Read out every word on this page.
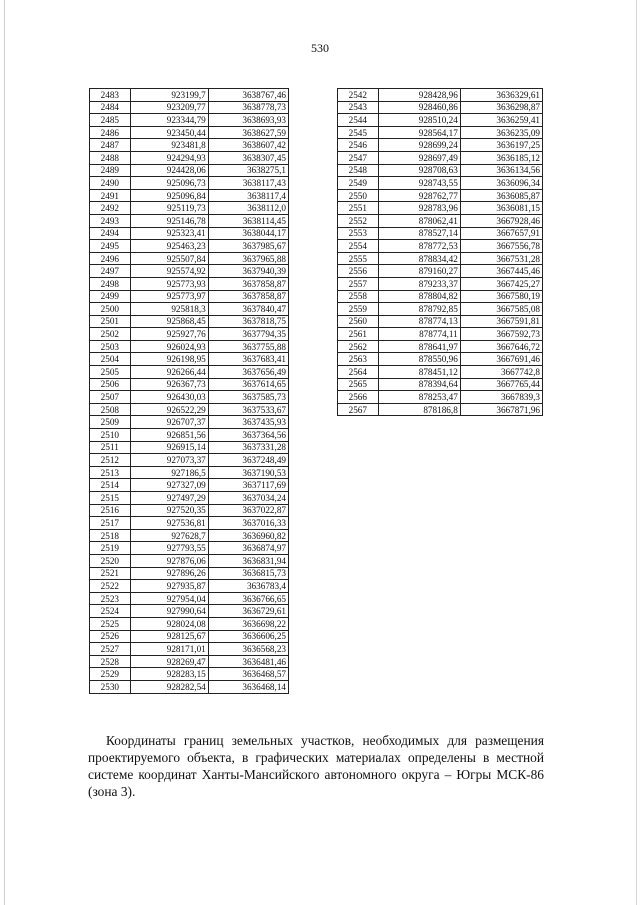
530
2483	923199,7	3638767,46
2484	923209,77	3638778,73
2485	923344,79	3638693,93
2486	923450,44	3638627,59
2487	923481,8	3638607,42
2488	924294,93	3638307,45
2489	924428,06	3638275,1
2490	925096,73	3638117,43
2491	925096,84	3638117,4
2492	925119,73	3638112,0
2493	925146,78	3638114,45
2494	925323,41	3638044,17
2495	925463,23	3637985,67
2496	925507,84	3637965,88
2497	925574,92	3637940,39
2498	925773,93	3637858,87
2499	925773,97	3637858,87
2500	925818,3	3637840,47
2501	925868,45	3637818,75
2502	925927,76	3637794,35
2503	926024,93	3637755,88
2504	926198,95	3637683,41
2505	926266,44	3637656,49
2506	926367,73	3637614,65
2507	926430,03	3637585,73
2508	926522,29	3637533,67
2509	926707,37	3637435,93
2510	926851,56	3637364,56
2511	926915,14	3637331,28
2512	927073,37	3637248,49
2513	927186,5	3637190,53
2514	927327,09	3637117,69
2515	927497,29	3637034,24
2516	927520,35	3637022,87
2517	927536,81	3637016,33
2518	927628,7	3636960,82
2519	927793,55	3636874,97
2520	927876,06	3636831,94
2521	927896,26	3636815,73
2522	927935,87	3636783,4
2523	927954,04	3636766,65
2524	927990,64	3636729,61
2525	928024,08	3636698,22
2526	928125,67	3636606,25
2527	928171,01	3636568,23
2528	928269,47	3636481,46
2529	928283,15	3636468,57
2530	928282,54	3636468,14
2542	928428,96	3636329,61
2543	928460,86	3636298,87
2544	928510,24	3636259,41
2545	928564,17	3636235,09
2546	928699,24	3636197,25
2547	928697,49	3636185,12
2548	928708,63	3636134,56
2549	928743,55	3636096,34
2550	928762,77	3636085,87
2551	928783,96	3636081,15
2552	878062,41	3667928,46
2553	878527,14	3667657,91
2554	878772,53	3667556,78
2555	878834,42	3667531,28
2556	879160,27	3667445,46
2557	879233,37	3667425,27
2558	878804,82	3667580,19
2559	878792,85	3667585,08
2560	878774,13	3667591,81
2561	878774,11	3667592,73
2562	878641,97	3667646,72
2563	878550,96	3667691,46
2564	878451,12	3667742,8
2565	878394,64	3667765,44
2566	878253,47	3667839,3
2567	878186,8	3667871,96

Координаты границ земельных участков, необходимых для размещения проектируемого объекта, в графических материалах определены в местной системе координат Ханты-Мансийского автономного округа – Югры МСК-86 (зона 3).
